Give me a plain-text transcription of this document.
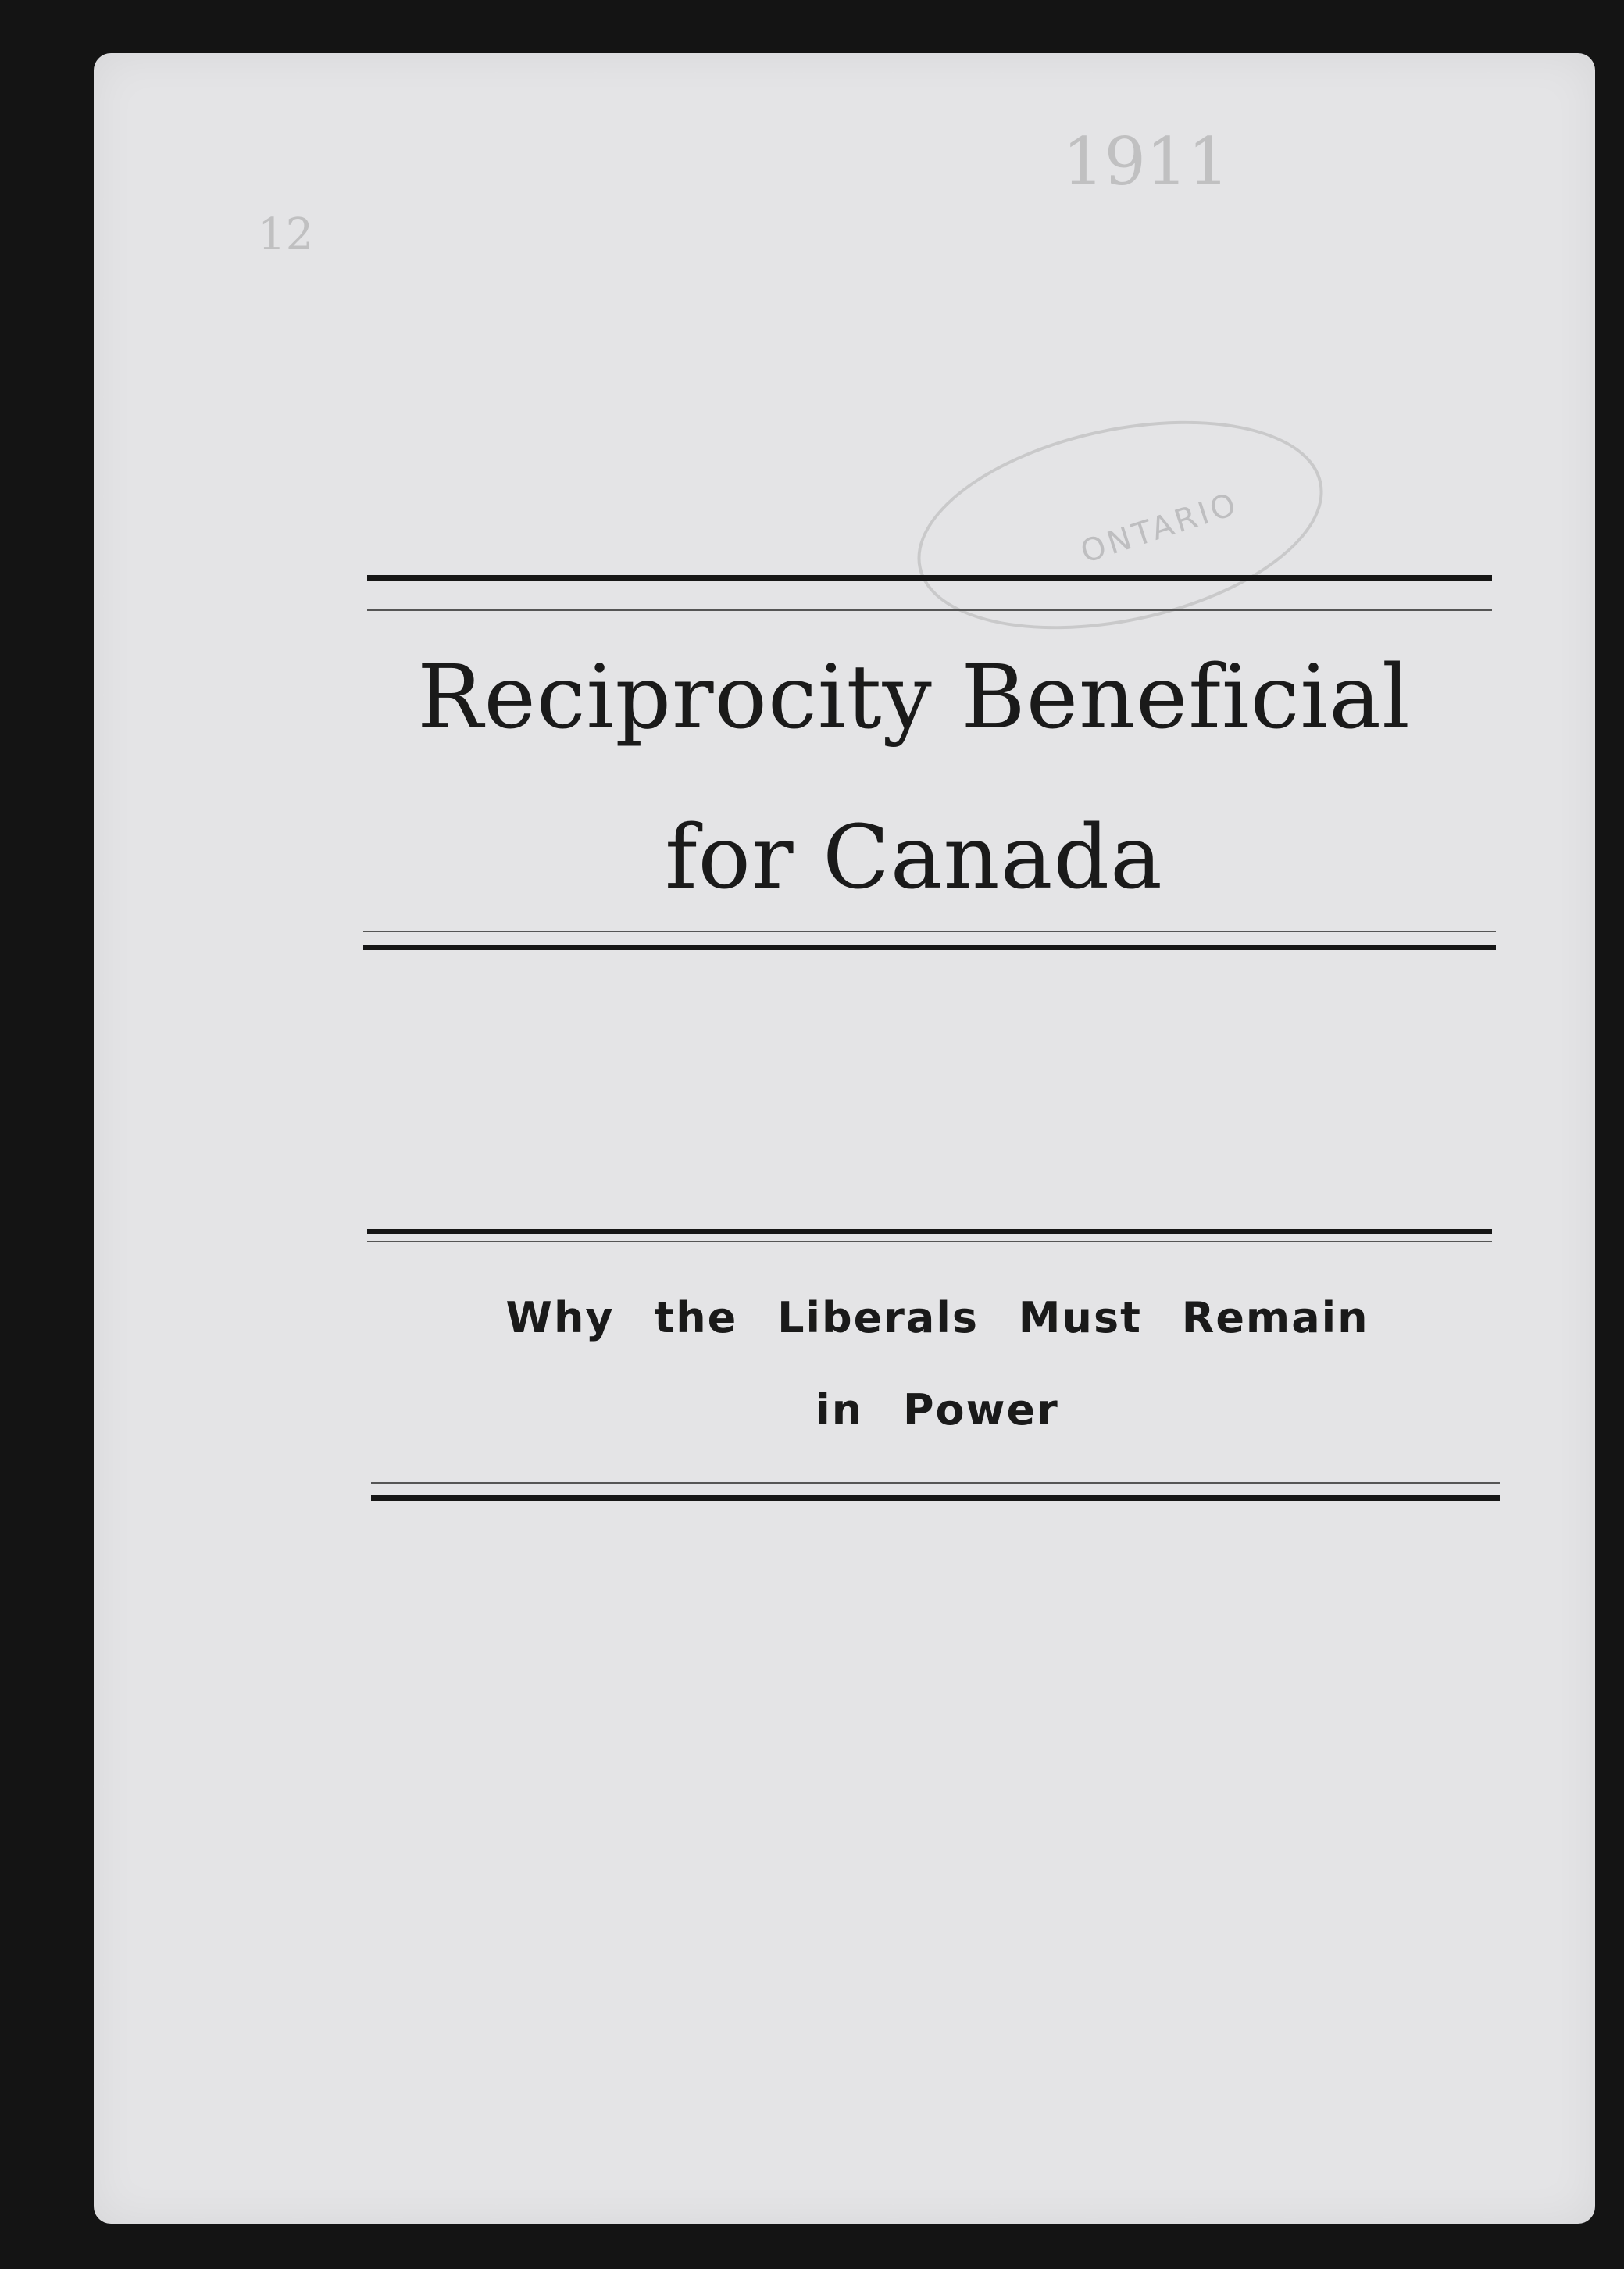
1911
12
ONTARIO
Reciprocity Beneficial
for Canada
Why the Liberals Must Remain
in Power
